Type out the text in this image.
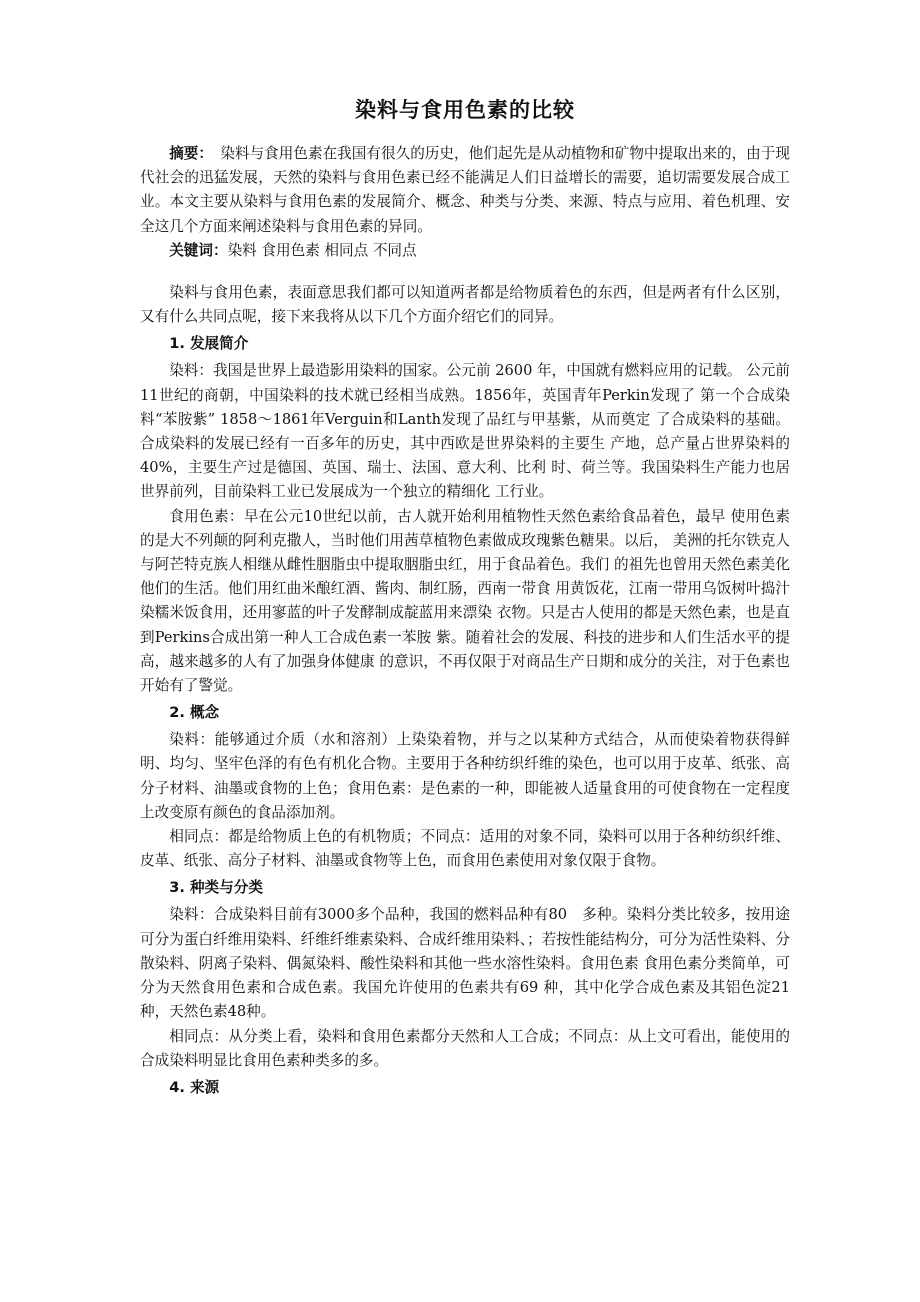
染料与食用色素的比较

摘要：　 染料与食用色素在我国有很久的历史，他们起先是从动植物和矿物中提取出来的，由于现代社会的迅猛发展，天然的染料与食用色素已经不能满足人们日益增长的需要，追切需要发展合成工业。本文主要从染料与食用色素的发展简介、概念、种类与分类、来源、特点与应用、着色机理、安全这几个方面来阐述染料与食用色素的异同。

关键词：染料 食用色素 相同点 不同点

染料与食用色素，表面意思我们都可以知道两者都是给物质着色的东西，但是两者有什么区别，又有什么共同点呢，接下来我将从以下几个方面介绍它们的同异。

1. 发展简介

染料：我国是世界上最造影用染料的国家。公元前 2600 年，中国就有燃料应用的记载。 公元前11世纪的商朝，中国染料的技术就已经相当成熟。1856年，英国青年Perkin发现了 第一个合成染料“苯胺紫” 1858〜1861年Verguin和Lanth发现了品红与甲基紫，从而奠定 了合成染料的基础。合成染料的发展已经有一百多年的历史，其中西欧是世界染料的主要生 产地，总产量占世界染料的 40%，主要生产过是德国、英国、瑞士、法国、意大利、比利 时、荷兰等。我国染料生产能力也居世界前列，目前染料工业已发展成为一个独立的精细化 工行业。

食用色素：早在公元10世纪以前，古人就开始利用植物性天然色素给食品着色，最早 使用色素的是大不列颠的阿利克撒人，当时他们用茜草植物色素做成玫瑰紫色糖果。以后， 美洲的托尔铁克人与阿芒特克族人相继从雌性胭脂虫中提取胭脂虫红，用于食品着色。我们 的祖先也曾用天然色素美化他们的生活。他们用红曲米酿红酒、酱肉、制红肠，西南一带食 用黄饭花，江南一带用乌饭树叶捣汁染糯米饭食用，还用寥蓝的叶子发酵制成靛蓝用来漂染 衣物。只是古人使用的都是天然色素，也是直到Perkins合成出第一种人工合成色素一苯胺 紫。随着社会的发展、科技的进步和人们生活水平的提高，越来越多的人有了加强身体健康 的意识，不再仅限于对商品生产日期和成分的关注，对于色素也开始有了警觉。

2. 概念

染料：能够通过介质（水和溶剂）上染染着物，并与之以某种方式结合，从而使染着物获得鲜明、均匀、坚牢色泽的有色有机化合物。主要用于各种纺织纤维的染色，也可以用于皮革、纸张、高分子材料、油墨或食物的上色；食用色素：是色素的一种，即能被人适量食用的可使食物在一定程度上改变原有颜色的食品添加剂。

相同点：都是给物质上色的有机物质；不同点：适用的对象不同，染料可以用于各种纺织纤维、皮革、纸张、高分子材料、油墨或食物等上色，而食用色素使用对象仅限于食物。

3. 种类与分类

染料：合成染料目前有3000多个品种，我国的燃料品种有80　多种。染料分类比较多，按用途可分为蛋白纤维用染料、纤维纤维素染料、合成纤维用染料、；若按性能结构分，可分为活性染料、分散染料、阴离子染料、偶氮染料、酸性染料和其他一些水溶性染料。食用色素 食用色素分类简单，可分为天然食用色素和合成色素。我国允许使用的色素共有69 种，其中化学合成色素及其铝色淀21种，天然色素48种。

相同点：从分类上看，染料和食用色素都分天然和人工合成；不同点：从上文可看出，能使用的合成染料明显比食用色素种类多的多。

4. 来源
